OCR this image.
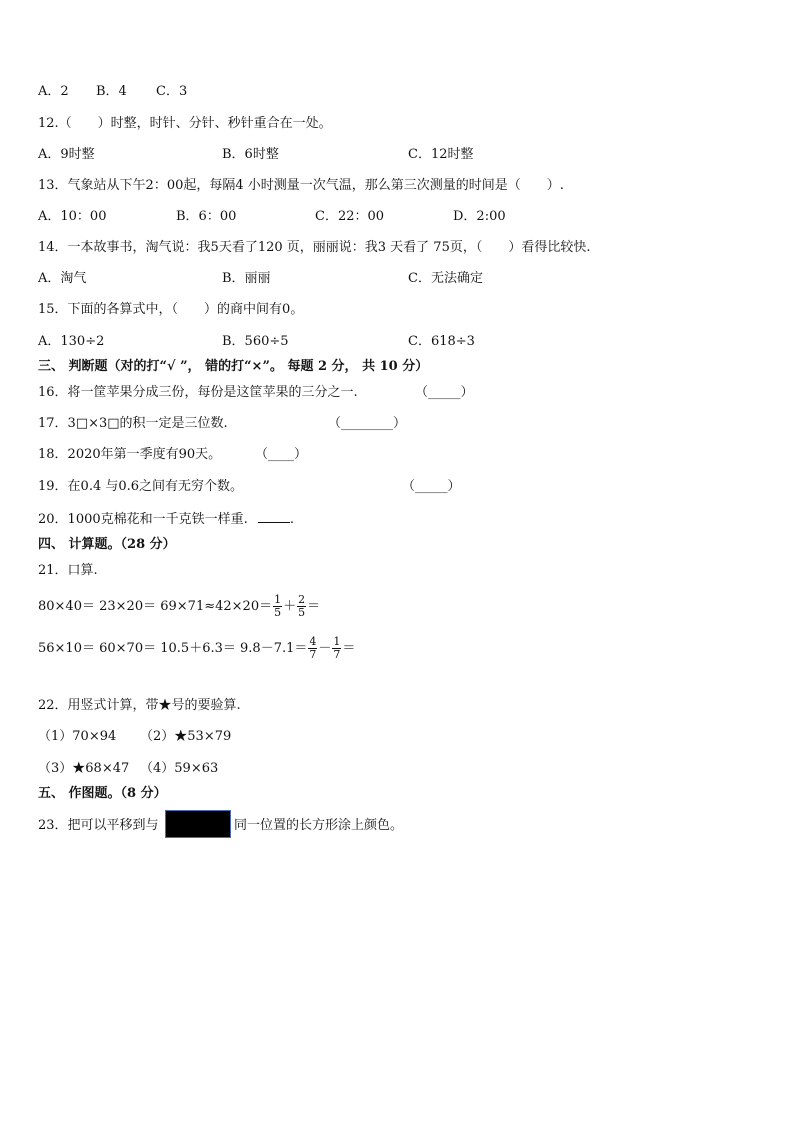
A．2 B．4 C．3
12.（　　）时整，时针、分针、秒针重合在一处。
A．9时整	B．6时整	C．12时整
13．气象站从下午2：00起，每隔4 小时测量一次气温，那么第三次测量的时间是（　　）.
A．10：00	B．6：00	C．22：00	D．2:00
14．一本故事书，淘气说：我5天看了120 页，丽丽说：我3 天看了 75页，（　　）看得比较快.
A．淘气	B．丽丽	C．无法确定
15．下面的各算式中，（　　）的商中间有0。
A．130÷2	B．560÷5	C．618÷3
三、 判断题（对的打“√ ”， 错的打“×”。 每题 2 分， 共 10 分）
16．将一筐苹果分成三份，每份是这筐苹果的三分之一.	（_____）
17．3□×3□的积一定是三位数.	（________）
18．2020年第一季度有90天。	（____）
19．在0.4 与0.6之间有无穷个数。	（_____）
20．1000克棉花和一千克铁一样重.	.
四、 计算题。（28 分）
21．口算.
$80\times 40= 23\times 20= 69\times 71\approx 42\times 20= \frac{1}{5} + \frac{2}{5}$ ＝
$56\times 10= 60\times 70= 10.5+6.3= 9.8-7.1= \frac{4}{7} - \frac{1}{7}$ ＝
22．用竖式计算，带★号的要验算.
（1）70×94 （2）★53×79
（3）★68×47 （4）59×63
五、 作图题。（8 分）
23．把可以平移到与	同一位置的长方形涂上颜色。
